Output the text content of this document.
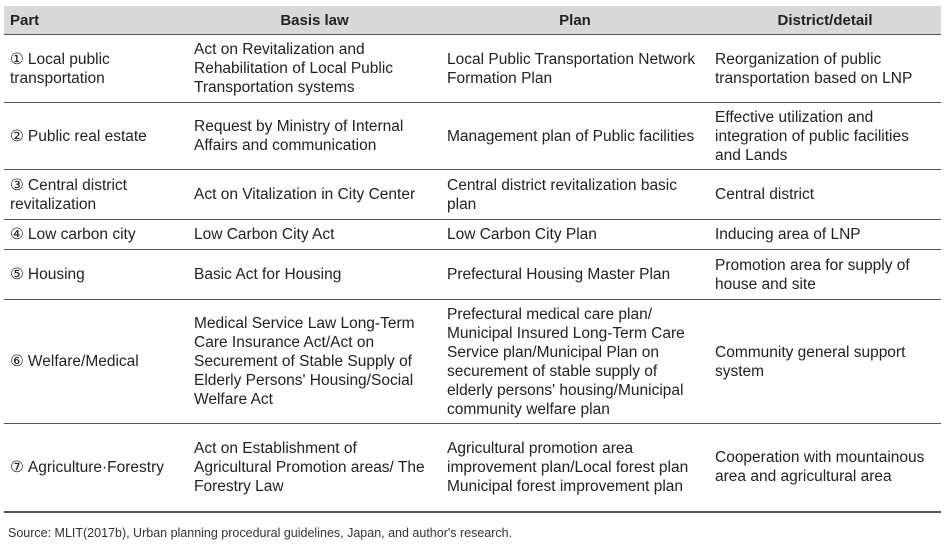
Part	Basis law	Plan	District/detail
① Local public transportation	Act on Revitalization and Rehabilitation of Local Public Transportation systems	Local Public Transportation Network Formation Plan	Reorganization of public transportation based on LNP
② Public real estate	Request by Ministry of Internal Affairs and communication	Management plan of Public facilities	Effective utilization and integration of public facilities and Lands
③ Central district revitalization	Act on Vitalization in City Center	Central district revitalization basic plan	Central district
④ Low carbon city	Low Carbon City Act	Low Carbon City Plan	Inducing area of LNP
⑤ Housing	Basic Act for Housing	Prefectural Housing Master Plan	Promotion area for supply of house and site
⑥ Welfare/Medical	Medical Service Law Long-Term Care Insurance Act/Act on Securement of Stable Supply of Elderly Persons' Housing/Social Welfare Act	Prefectural medical care plan/ Municipal Insured Long-Term Care Service plan/Municipal Plan on securement of stable supply of elderly persons' housing/Municipal community welfare plan	Community general support system
⑦ Agriculture·Forestry	Act on Establishment of Agricultural Promotion areas/ The Forestry Law	Agricultural promotion area improvement plan/Local forest plan Municipal forest improvement plan	Cooperation with mountainous area and agricultural area
Source: MLIT(2017b), Urban planning procedural guidelines, Japan, and author's research.
